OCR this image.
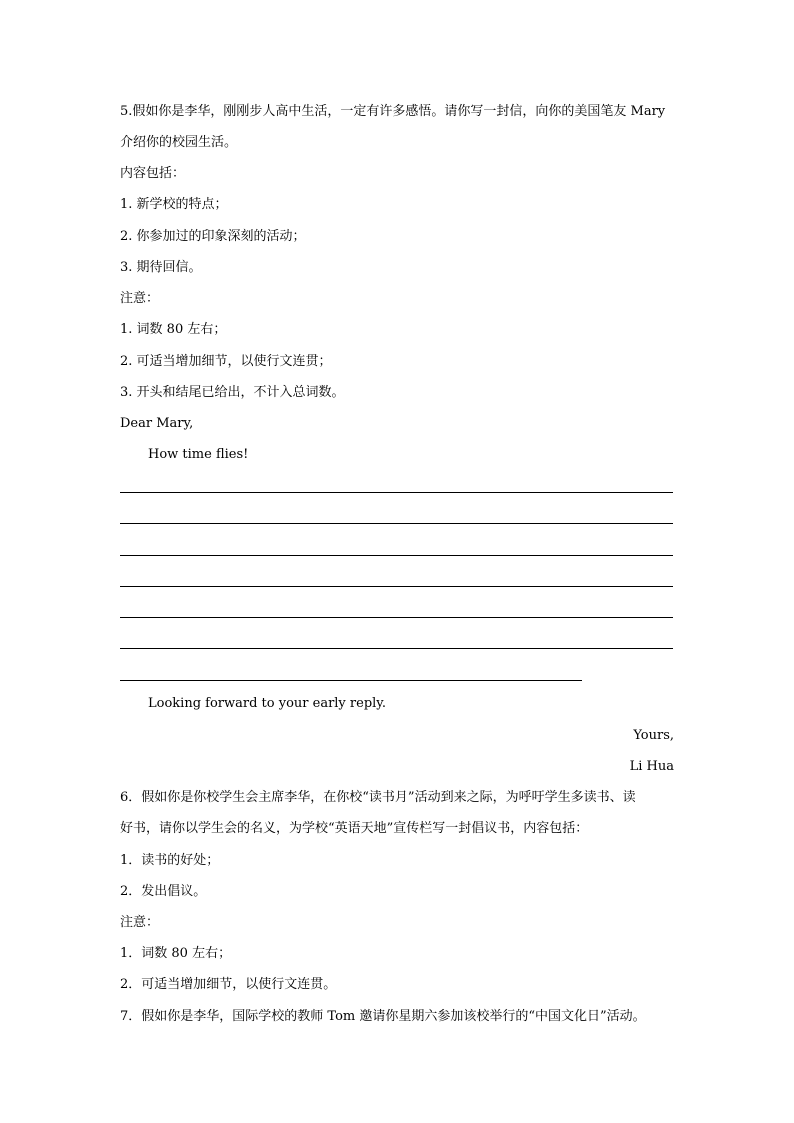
5.假如你是李华，刚刚步人高中生活，一定有许多感悟。请你写一封信，向你的美国笔友 Mary
介绍你的校园生活。
内容包括：
1. 新学校的特点；
2. 你参加过的印象深刻的活动；
3. 期待回信。
注意：
1. 词数 80 左右；
2. 可适当增加细节，以使行文连贯；
3. 开头和结尾已给出，不计入总词数。
Dear Mary,
How time flies!
Looking forward to your early reply.
Yours,
Li Hua
6．假如你是你校学生会主席李华，在你校“读书月”活动到来之际，为呼吁学生多读书、读
好书，请你以学生会的名义，为学校“英语天地”宣传栏写一封倡议书，内容包括：
1．读书的好处；
2．发出倡议。
注意：
1．词数 80 左右；
2．可适当增加细节，以使行文连贯。
7．假如你是李华，国际学校的教师 Tom 邀请你星期六参加该校举行的“中国文化日”活动。
